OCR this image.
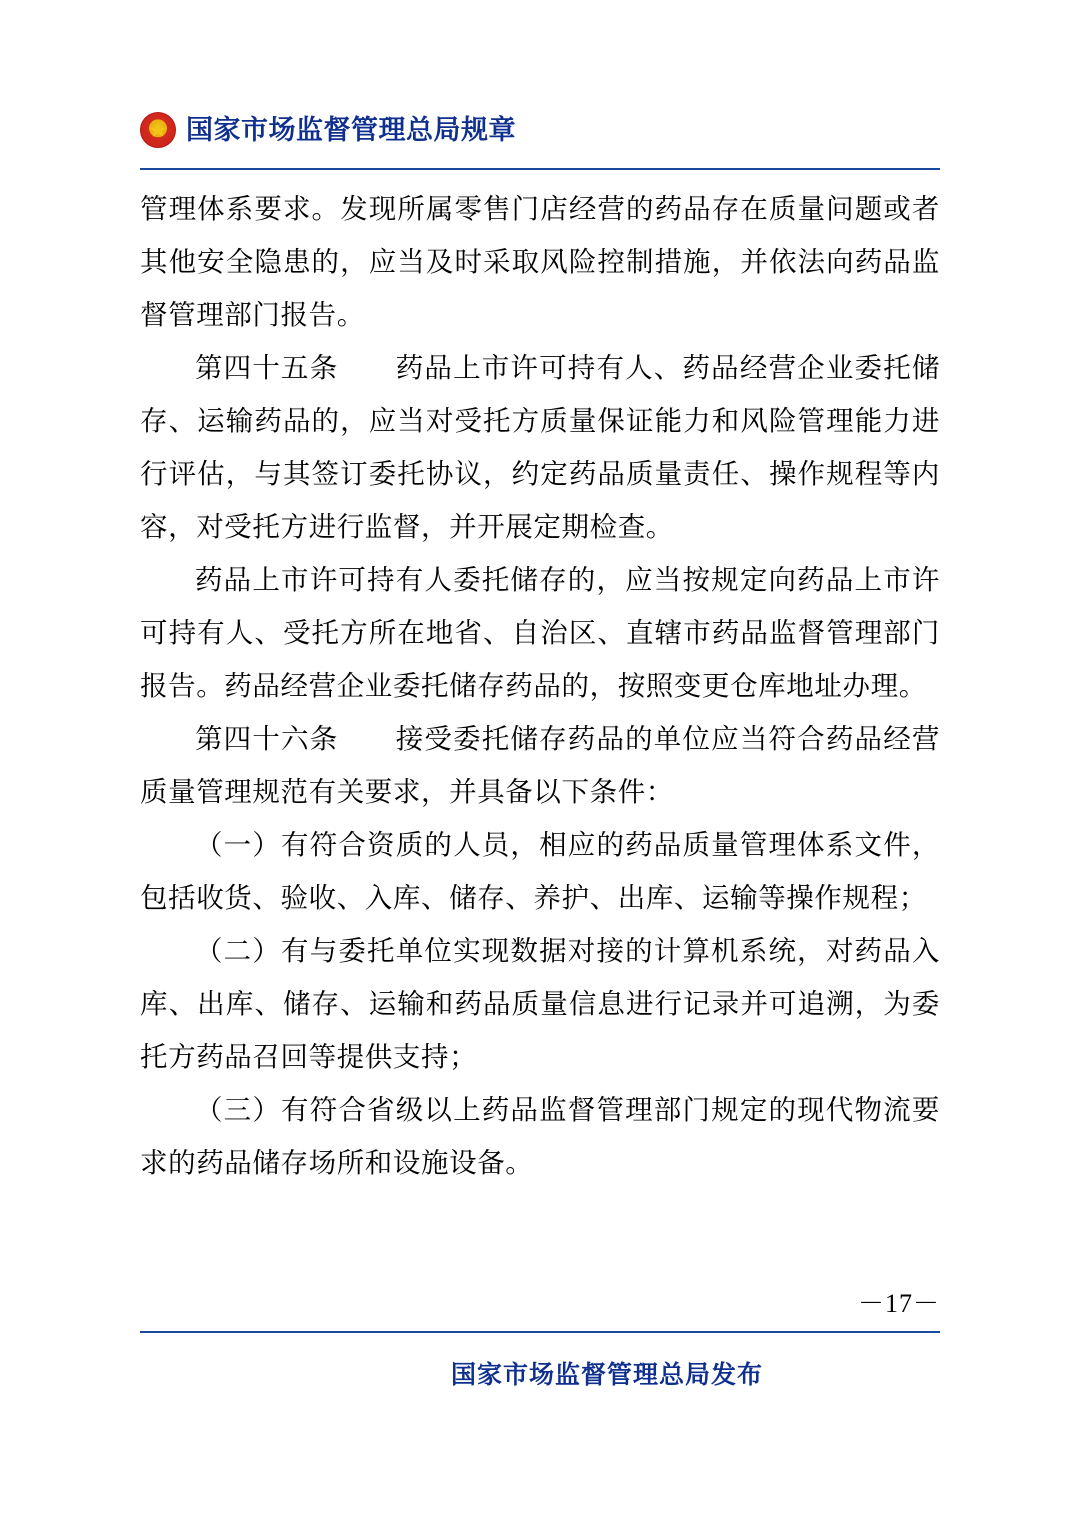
国家市场监督管理总局规章

管理体系要求。发现所属零售门店经营的药品存在质量问题或者其他安全隐患的，应当及时采取风险控制措施，并依法向药品监督管理部门报告。

第四十五条　　药品上市许可持有人、药品经营企业委托储存、运输药品的，应当对受托方质量保证能力和风险管理能力进行评估，与其签订委托协议，约定药品质量责任、操作规程等内容，对受托方进行监督，并开展定期检查。

药品上市许可持有人委托储存的，应当按规定向药品上市许可持有人、受托方所在地省、自治区、直辖市药品监督管理部门报告。药品经营企业委托储存药品的，按照变更仓库地址办理。

第四十六条　　接受委托储存药品的单位应当符合药品经营质量管理规范有关要求，并具备以下条件：

（一）有符合资质的人员，相应的药品质量管理体系文件，包括收货、验收、入库、储存、养护、出库、运输等操作规程；

（二）有与委托单位实现数据对接的计算机系统，对药品入库、出库、储存、运输和药品质量信息进行记录并可追溯，为委托方药品召回等提供支持；

（三）有符合省级以上药品监督管理部门规定的现代物流要求的药品储存场所和设施设备。

－17－
国家市场监督管理总局发布
